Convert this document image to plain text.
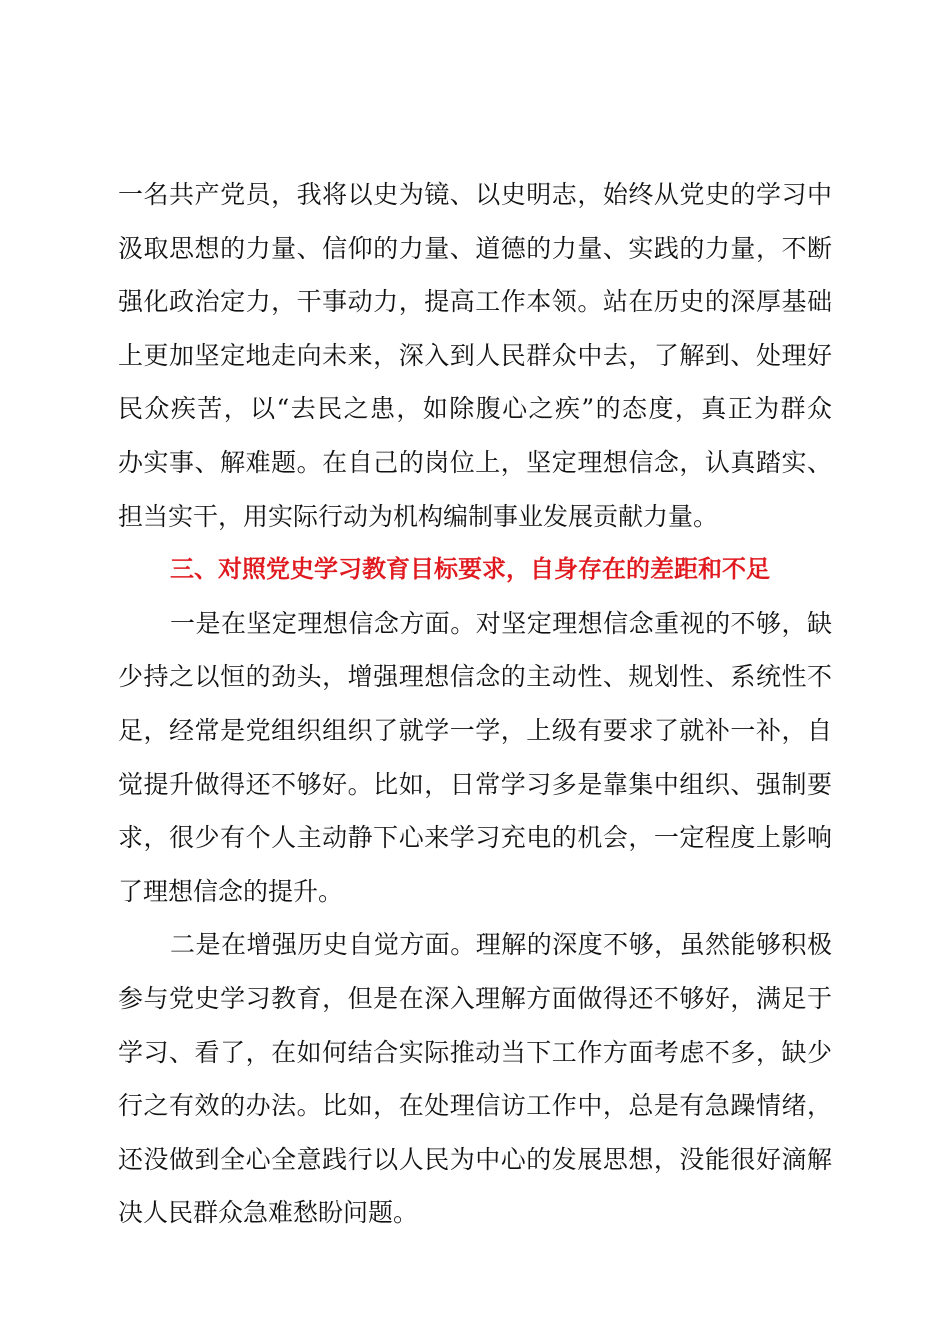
一名共产党员，我将以史为镜、以史明志，始终从党史的学习中
汲取思想的力量、信仰的力量、道德的力量、实践的力量，不断
强化政治定力，干事动力，提高工作本领。站在历史的深厚基础
上更加坚定地走向未来，深入到人民群众中去，了解到、处理好
民众疾苦，以“去民之患，如除腹心之疾”的态度，真正为群众
办实事、解难题。在自己的岗位上，坚定理想信念，认真踏实、
担当实干，用实际行动为机构编制事业发展贡献力量。
三、对照党史学习教育目标要求，自身存在的差距和不足
一是在坚定理想信念方面。对坚定理想信念重视的不够，缺
少持之以恒的劲头，增强理想信念的主动性、规划性、系统性不
足，经常是党组织组织了就学一学，上级有要求了就补一补，自
觉提升做得还不够好。比如，日常学习多是靠集中组织、强制要
求，很少有个人主动静下心来学习充电的机会，一定程度上影响
了理想信念的提升。
二是在增强历史自觉方面。理解的深度不够，虽然能够积极
参与党史学习教育，但是在深入理解方面做得还不够好，满足于
学习、看了，在如何结合实际推动当下工作方面考虑不多，缺少
行之有效的办法。比如，在处理信访工作中，总是有急躁情绪，
还没做到全心全意践行以人民为中心的发展思想，没能很好滴解
决人民群众急难愁盼问题。
